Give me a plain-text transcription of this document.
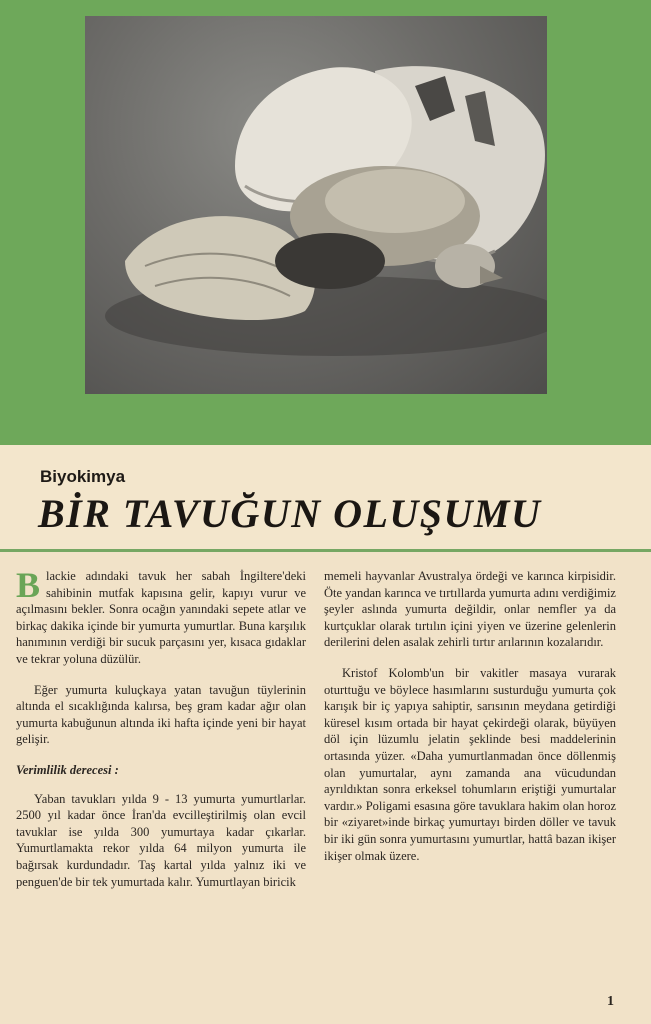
Biyokimya
BİR TAVUĞUN OLUŞUMU

Blackie adındaki tavuk her sabah İngiltere'deki sahibinin mutfak kapısına gelir, kapıyı vurur ve açılmasını bekler. Sonra ocağın yanındaki sepete atlar ve birkaç dakika içinde bir yumurta yumurtlar. Buna karşılık hanımının verdiği bir sucuk parçasını yer, kısaca gıdaklar ve tekrar yoluna düzülür.

Eğer yumurta kuluçkaya yatan tavuğun tüylerinin altında el sıcaklığında kalırsa, beş gram kadar ağır olan yumurta kabuğunun altında iki hafta içinde yeni bir hayat gelişir.

Verimlilik derecesi :

Yaban tavukları yılda 9 - 13 yumurta yumurtlarlar. 2500 yıl kadar önce İran'da evcilleştirilmiş olan evcil tavuklar ise yılda 300 yumurtaya kadar çıkarlar. Yumurtlamakta rekor yılda 64 milyon yumurta ile bağırsak kurdundadır. Taş kartal yılda yalnız iki ve penguen'de bir tek yumurtada kalır. Yumurtlayan biricik

memeli hayvanlar Avustralya ördeği ve karınca kirpisidir. Öte yandan karınca ve tırtıllarda yumurta adını verdiğimiz şeyler aslında yumurta değildir, onlar nemfler ya da kurtçuklar olarak tırtılın içini yiyen ve üzerine gelenlerin derilerini delen asalak zehirli tırtır arılarının kozalarıdır.

Kristof Kolomb'un bir vakitler masaya vurarak oturttuğu ve böylece hasımlarını susturduğu yumurta çok karışık bir iç yapıya sahiptir, sarısının meydana getirdiği küresel kısım ortada bir hayat çekirdeği olarak, büyüyen döl için lüzumlu jelatin şeklinde besi maddelerinin ortasında yüzer. «Daha yumurtlanmadan önce döllenmiş olan yumurtalar, aynı zamanda ana vücudundan ayrıldıktan sonra erkeksel tohumların eriştiği yumurtalar vardır.» Poligami esasına göre tavuklara hakim olan horoz bir «ziyaret»inde birkaç yumurtayı birden döller ve tavuk bir iki gün sonra yumurtasını yumurtlar, hattâ bazan ikişer ikişer olmak üzere.

1
